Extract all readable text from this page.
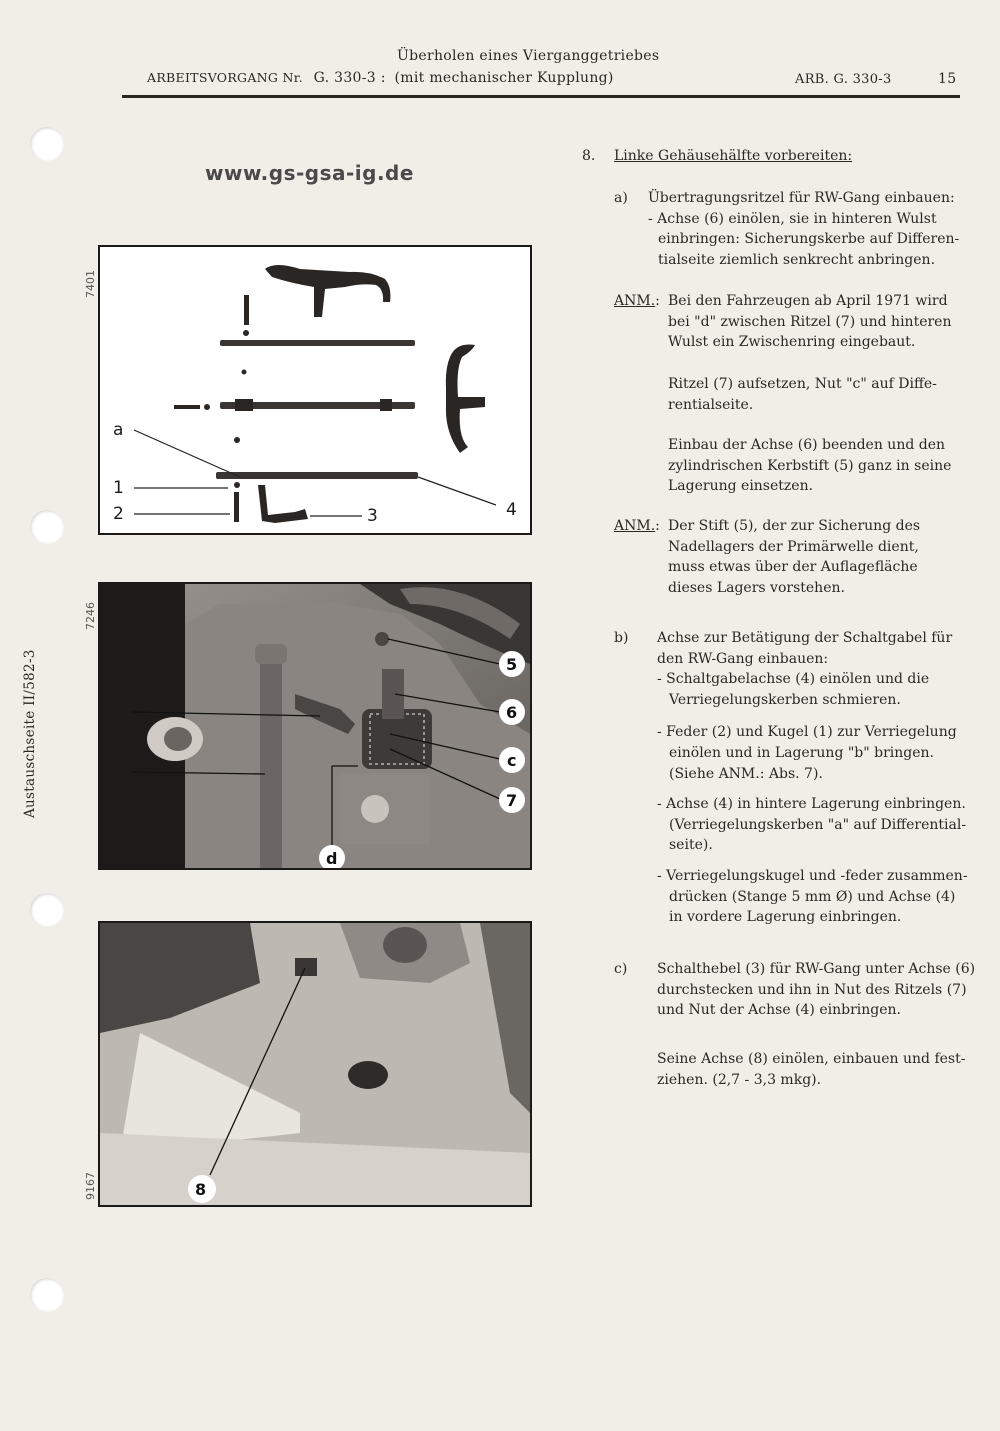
Überholen eines Vierganggetriebes
ARBEITSVORGANG Nr. G. 330-3 : (mit mechanischer Kupplung)	ARB. G. 330-3	15
www.gs-gsa-ig.de
Austauschseite II/582-3
7401
7246
9167
a
1
2	3	4
3
4
5
6
c
7
d
8
8. Linke Gehäusehälfte vorbereiten:
a) Übertragungsritzel für RW-Gang einbauen:
- Achse (6) einölen, sie in hinteren Wulst
einbringen: Sicherungskerbe auf Differen-
tialseite ziemlich senkrecht anbringen.
ANM.: Bei den Fahrzeugen ab April 1971 wird
bei "d" zwischen Ritzel (7) und hinteren
Wulst ein Zwischenring eingebaut.
Ritzel (7) aufsetzen, Nut "c" auf Diffe-
rentialseite.
Einbau der Achse (6) beenden und den
zylindrischen Kerbstift (5) ganz in seine
Lagerung einsetzen.
ANM.: Der Stift (5), der zur Sicherung des
Nadellagers der Primärwelle dient,
muss etwas über der Auflagefläche
dieses Lagers vorstehen.
b) Achse zur Betätigung der Schaltgabel für
den RW-Gang einbauen:
- Schaltgabelachse (4) einölen und die
Verriegelungskerben schmieren.
- Feder (2) und Kugel (1) zur Verriegelung
einölen und in Lagerung "b" bringen.
(Siehe ANM.: Abs. 7).
- Achse (4) in hintere Lagerung einbringen.
(Verriegelungskerben "a" auf Differential-
seite).
- Verriegelungskugel und -feder zusammen-
drücken (Stange 5 mm Ø) und Achse (4)
in vordere Lagerung einbringen.
c) Schalthebel (3) für RW-Gang unter Achse (6)
durchstecken und ihn in Nut des Ritzels (7)
und Nut der Achse (4) einbringen.
Seine Achse (8) einölen, einbauen und fest-
ziehen. (2,7 - 3,3 mkg).
